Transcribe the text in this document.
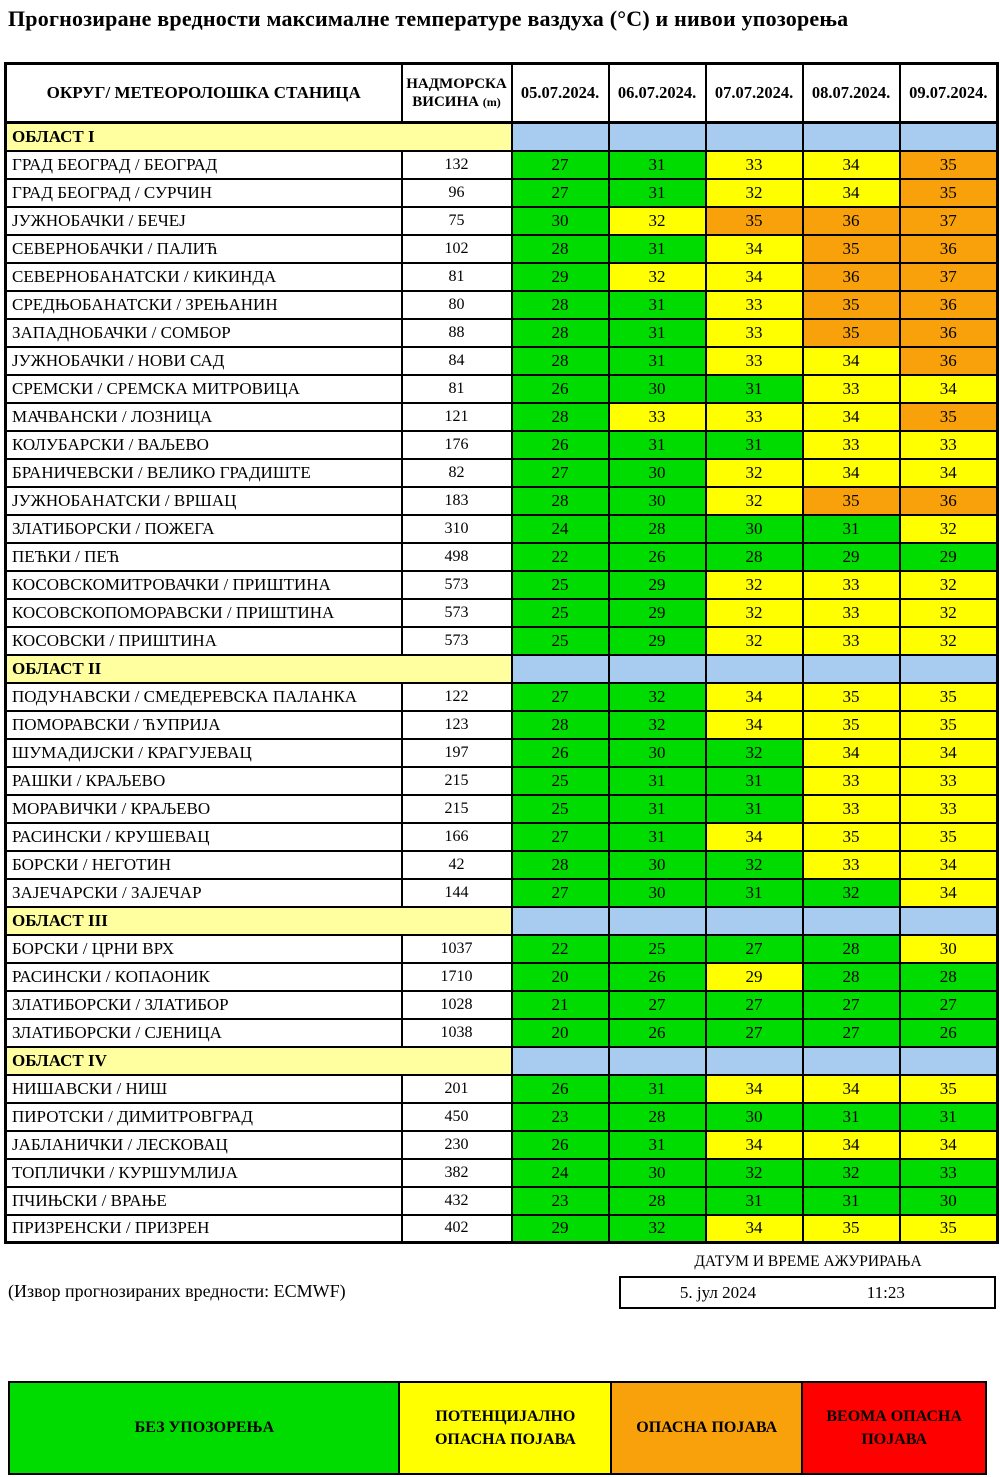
Прогнозиране вредности максималне температуре ваздуха (°C) и нивои упозорења
ОКРУГ/ МЕТЕОРОЛОШКА СТАНИЦА	НАДМОРСКА
ВИСИНА (m)	05.07.2024.	06.07.2024.	07.07.2024.	08.07.2024.	09.07.2024.
ОБЛАСТ I						
ГРАД БЕОГРАД / БЕОГРАД	132	27	31	33	34	35
ГРАД БЕОГРАД / СУРЧИН	96	27	31	32	34	35
ЈУЖНОБАЧКИ / БЕЧЕЈ	75	30	32	35	36	37
СЕВЕРНОБАЧКИ / ПАЛИЋ	102	28	31	34	35	36
СЕВЕРНОБАНАТСКИ / КИКИНДА	81	29	32	34	36	37
СРЕДЊОБАНАТСКИ / ЗРЕЊАНИН	80	28	31	33	35	36
ЗАПАДНОБАЧКИ / СОМБОР	88	28	31	33	35	36
ЈУЖНОБАЧКИ / НОВИ САД	84	28	31	33	34	36
СРЕМСКИ / СРЕМСКА МИТРОВИЦА	81	26	30	31	33	34
МАЧВАНСКИ / ЛОЗНИЦА	121	28	33	33	34	35
КОЛУБАРСКИ / ВАЉЕВО	176	26	31	31	33	33
БРАНИЧЕВСКИ / ВЕЛИКО ГРАДИШТЕ	82	27	30	32	34	34
ЈУЖНОБАНАТСКИ / ВРШАЦ	183	28	30	32	35	36
ЗЛАТИБОРСКИ / ПОЖЕГА	310	24	28	30	31	32
ПЕЋКИ / ПЕЋ	498	22	26	28	29	29
КОСОВСКОМИТРОВАЧКИ / ПРИШТИНА	573	25	29	32	33	32
КОСОВСКОПОМОРАВСКИ / ПРИШТИНА	573	25	29	32	33	32
КОСОВСКИ / ПРИШТИНА	573	25	29	32	33	32
ОБЛАСТ II						
ПОДУНАВСКИ / СМЕДЕРЕВСКА ПАЛАНКА	122	27	32	34	35	35
ПОМОРАВСКИ / ЋУПРИЈА	123	28	32	34	35	35
ШУМАДИЈСКИ / КРАГУЈЕВАЦ	197	26	30	32	34	34
РАШКИ / КРАЉЕВО	215	25	31	31	33	33
МОРАВИЧКИ / КРАЉЕВО	215	25	31	31	33	33
РАСИНСКИ / КРУШЕВАЦ	166	27	31	34	35	35
БОРСКИ / НЕГОТИН	42	28	30	32	33	34
ЗАЈЕЧАРСКИ / ЗАЈЕЧАР	144	27	30	31	32	34
ОБЛАСТ III						
БОРСКИ / ЦРНИ ВРХ	1037	22	25	27	28	30
РАСИНСКИ / КОПАОНИК	1710	20	26	29	28	28
ЗЛАТИБОРСКИ / ЗЛАТИБОР	1028	21	27	27	27	27
ЗЛАТИБОРСКИ / СЈЕНИЦА	1038	20	26	27	27	26
ОБЛАСТ IV						
НИШАВСКИ / НИШ	201	26	31	34	34	35
ПИРОТСКИ / ДИМИТРОВГРАД	450	23	28	30	31	31
ЈАБЛАНИЧКИ / ЛЕСКОВАЦ	230	26	31	34	34	34
ТОПЛИЧКИ / КУРШУМЛИЈА	382	24	30	32	32	33
ПЧИЊСКИ / ВРАЊЕ	432	23	28	31	31	30
ПРИЗРЕНСКИ / ПРИЗРЕН	402	29	32	34	35	35
ДАТУМ И ВРЕМЕ АЖУРИРАЊА
5. јул 2024	11:23
(Извор прогнозираних вредности: ECMWF)
БЕЗ УПОЗОРЕЊА
ПОТЕНЦИЈАЛНО ОПАСНА ПОЈАВА
ОПАСНА ПОЈАВА
ВЕОМА ОПАСНА ПОЈАВА
